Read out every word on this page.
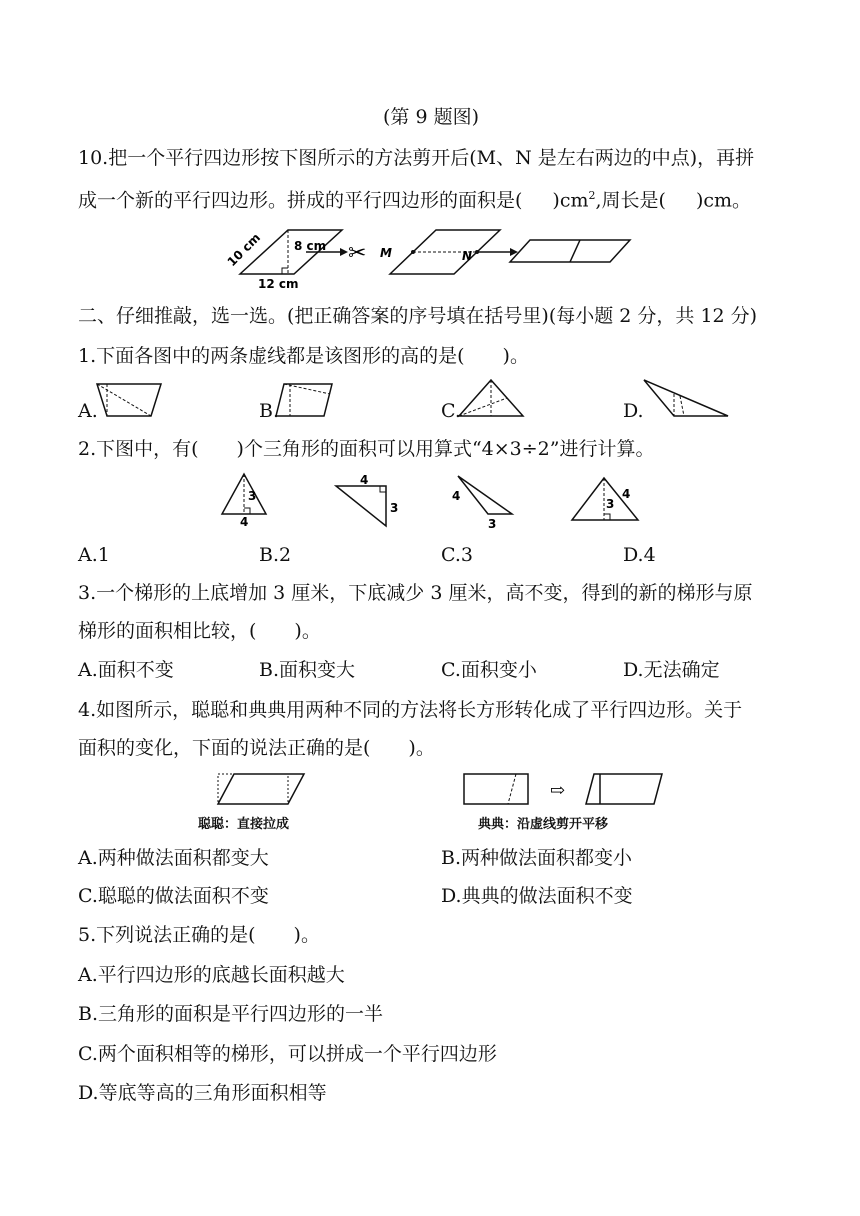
(第 9 题图)
10.把一个平行四边形按下图所示的方法剪开后(M、N 是左右两边的中点)，再拼
成一个新的平行四边形。拼成的平行四边形的面积是( )$cm^2$,周长是( )cm。
10 cm	8 cm
12 cm
✂ M	N
二、仔细推敲，选一选。(把正确答案的序号填在括号里)(每小题 2 分，共 12 分)
1.下面各图中的两条虚线都是该图形的高的是(　　)。
A.	B.	C.	D.
2.下图中，有(　　)个三角形的面积可以用算式“4×3÷2”进行计算。
3
4
4
3
4
3
3
4
A.1	B.2	C.3	D.4
3.一个梯形的上底增加 3 厘米，下底减少 3 厘米，高不变，得到的新的梯形与原
梯形的面积相比较，(　　)。
A.面积不变	B.面积变大	C.面积变小	D.无法确定
4.如图所示，聪聪和典典用两种不同的方法将长方形转化成了平行四边形。关于
面积的变化，下面的说法正确的是(　　)。
聪聪：直接拉成
⇨
典典：沿虚线剪开平移
A.两种做法面积都变大	B.两种做法面积都变小
C.聪聪的做法面积不变	D.典典的做法面积不变
5.下列说法正确的是(　　)。
A.平行四边形的底越长面积越大
B.三角形的面积是平行四边形的一半
C.两个面积相等的梯形，可以拼成一个平行四边形
D.等底等高的三角形面积相等
